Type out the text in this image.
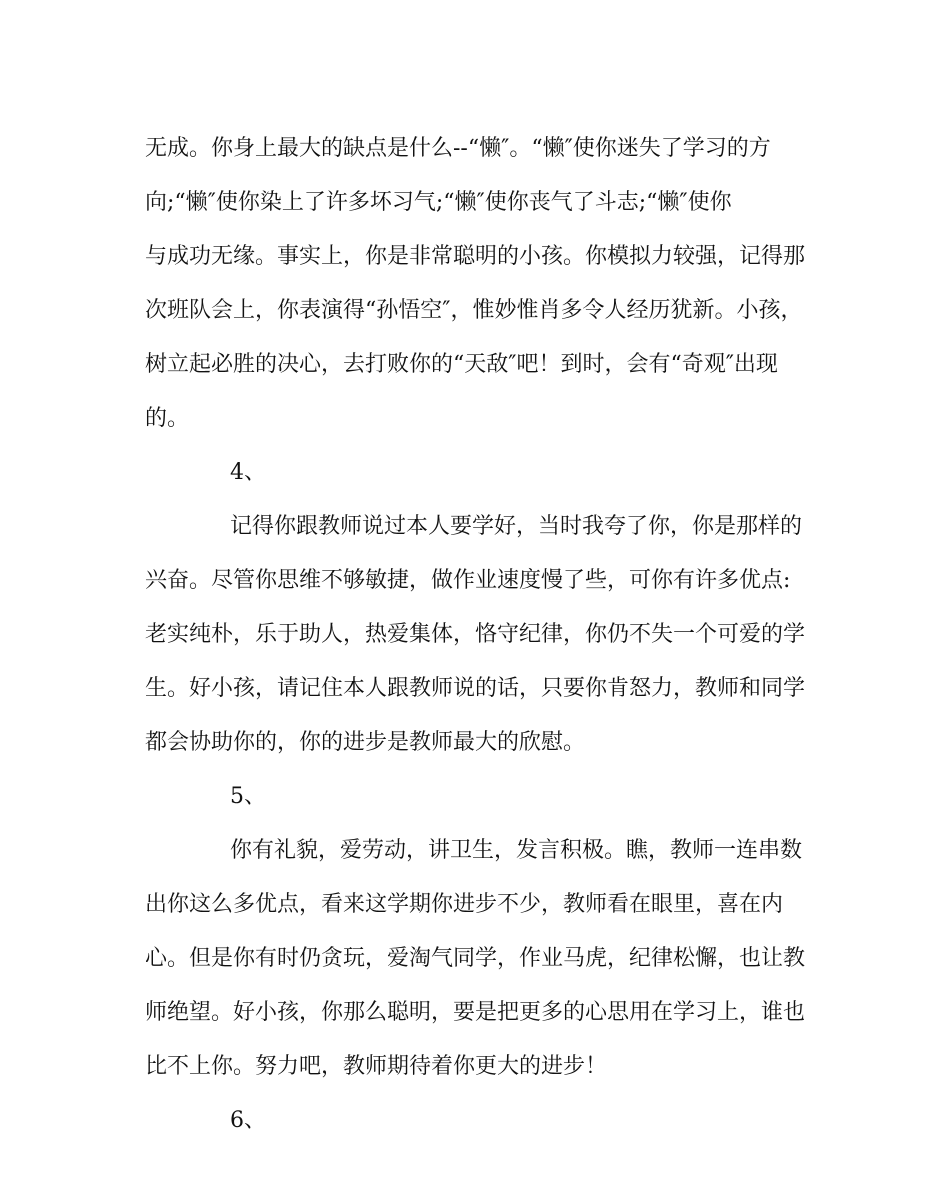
无成。你身上最大的缺点是什么--“懒″。“懒″使你迷失了学习的方
向;“懒″使你染上了许多坏习气;“懒″使你丧气了斗志;“懒″使你
与成功无缘。事实上，你是非常聪明的小孩。你模拟力较强，记得那
次班队会上，你表演得“孙悟空″，惟妙惟肖多令人经历犹新。小孩，
树立起必胜的决心，去打败你的“天敌″吧！到时，会有“奇观″出现
的。
4、
记得你跟教师说过本人要学好，当时我夸了你，你是那样的
兴奋。尽管你思维不够敏捷，做作业速度慢了些，可你有许多优点:
老实纯朴，乐于助人，热爱集体，恪守纪律，你仍不失一个可爱的学
生。好小孩，请记住本人跟教师说的话，只要你肯怒力，教师和同学
都会协助你的，你的进步是教师最大的欣慰。
5、
你有礼貌，爱劳动，讲卫生，发言积极。瞧，教师一连串数
出你这么多优点，看来这学期你进步不少，教师看在眼里，喜在内
心。但是你有时仍贪玩，爱淘气同学，作业马虎，纪律松懈，也让教
师绝望。好小孩，你那么聪明，要是把更多的心思用在学习上，谁也
比不上你。努力吧，教师期待着你更大的进步！
6、
